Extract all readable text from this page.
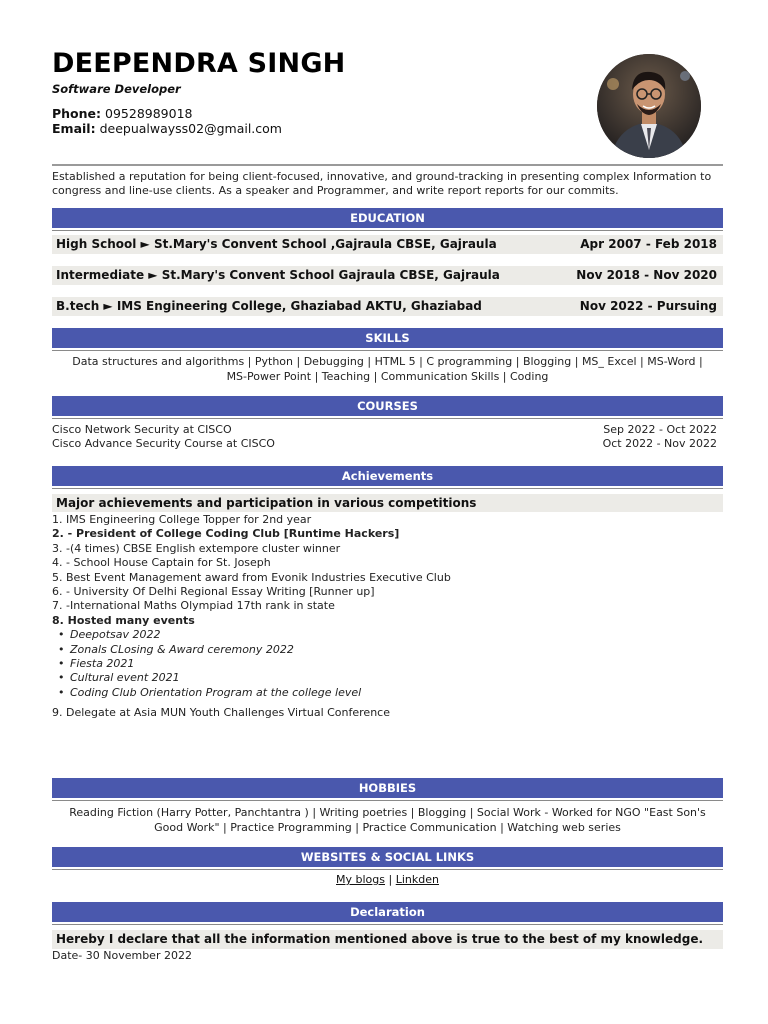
DEEPENDRA SINGH
Software Developer
Phone: 09528989018
Email: deepualwayss02@gmail.com
Established a reputation for being client-focused, innovative, and ground-tracking in presenting complex Information to congress and line-use clients. As a speaker and Programmer, and write report reports for our commits.
EDUCATION
High School ► St.Mary's Convent School ,Gajraula CBSE, Gajraula	Apr 2007 - Feb 2018
Intermediate ► St.Mary's Convent School Gajraula CBSE, Gajraula	Nov 2018 - Nov 2020
B.tech ► IMS Engineering College, Ghaziabad AKTU, Ghaziabad	Nov 2022 - Pursuing
SKILLS
Data structures and algorithms | Python | Debugging | HTML 5 | C programming | Blogging | MS_ Excel | MS-Word |
MS-Power Point | Teaching | Communication Skills | Coding
COURSES
Cisco Network Security at CISCO	Sep 2022 - Oct 2022
Cisco Advance Security Course at CISCO	Oct 2022 - Nov 2022
Achievements
Major achievements and participation in various competitions
1. IMS Engineering College Topper for 2nd year
2. - President of College Coding Club [Runtime Hackers]
3. -(4 times) CBSE English extempore cluster winner
4. - School House Captain for St. Joseph
5. Best Event Management award from Evonik Industries Executive Club
6. - University Of Delhi Regional Essay Writing [Runner up]
7. -International Maths Olympiad 17th rank in state
8. Hosted many events
• Deepotsav 2022
• Zonals CLosing & Award ceremony 2022
• Fiesta 2021
• Cultural event 2021
• Coding Club Orientation Program at the college level
9. Delegate at Asia MUN Youth Challenges Virtual Conference
HOBBIES
Reading Fiction (Harry Potter, Panchtantra ) | Writing poetries | Blogging | Social Work - Worked for NGO "East Son's
Good Work" | Practice Programming | Practice Communication | Watching web series
WEBSITES & SOCIAL LINKS
My blogs | Linkden
Declaration
Hereby I declare that all the information mentioned above is true to the best of my knowledge.
Date- 30 November 2022
